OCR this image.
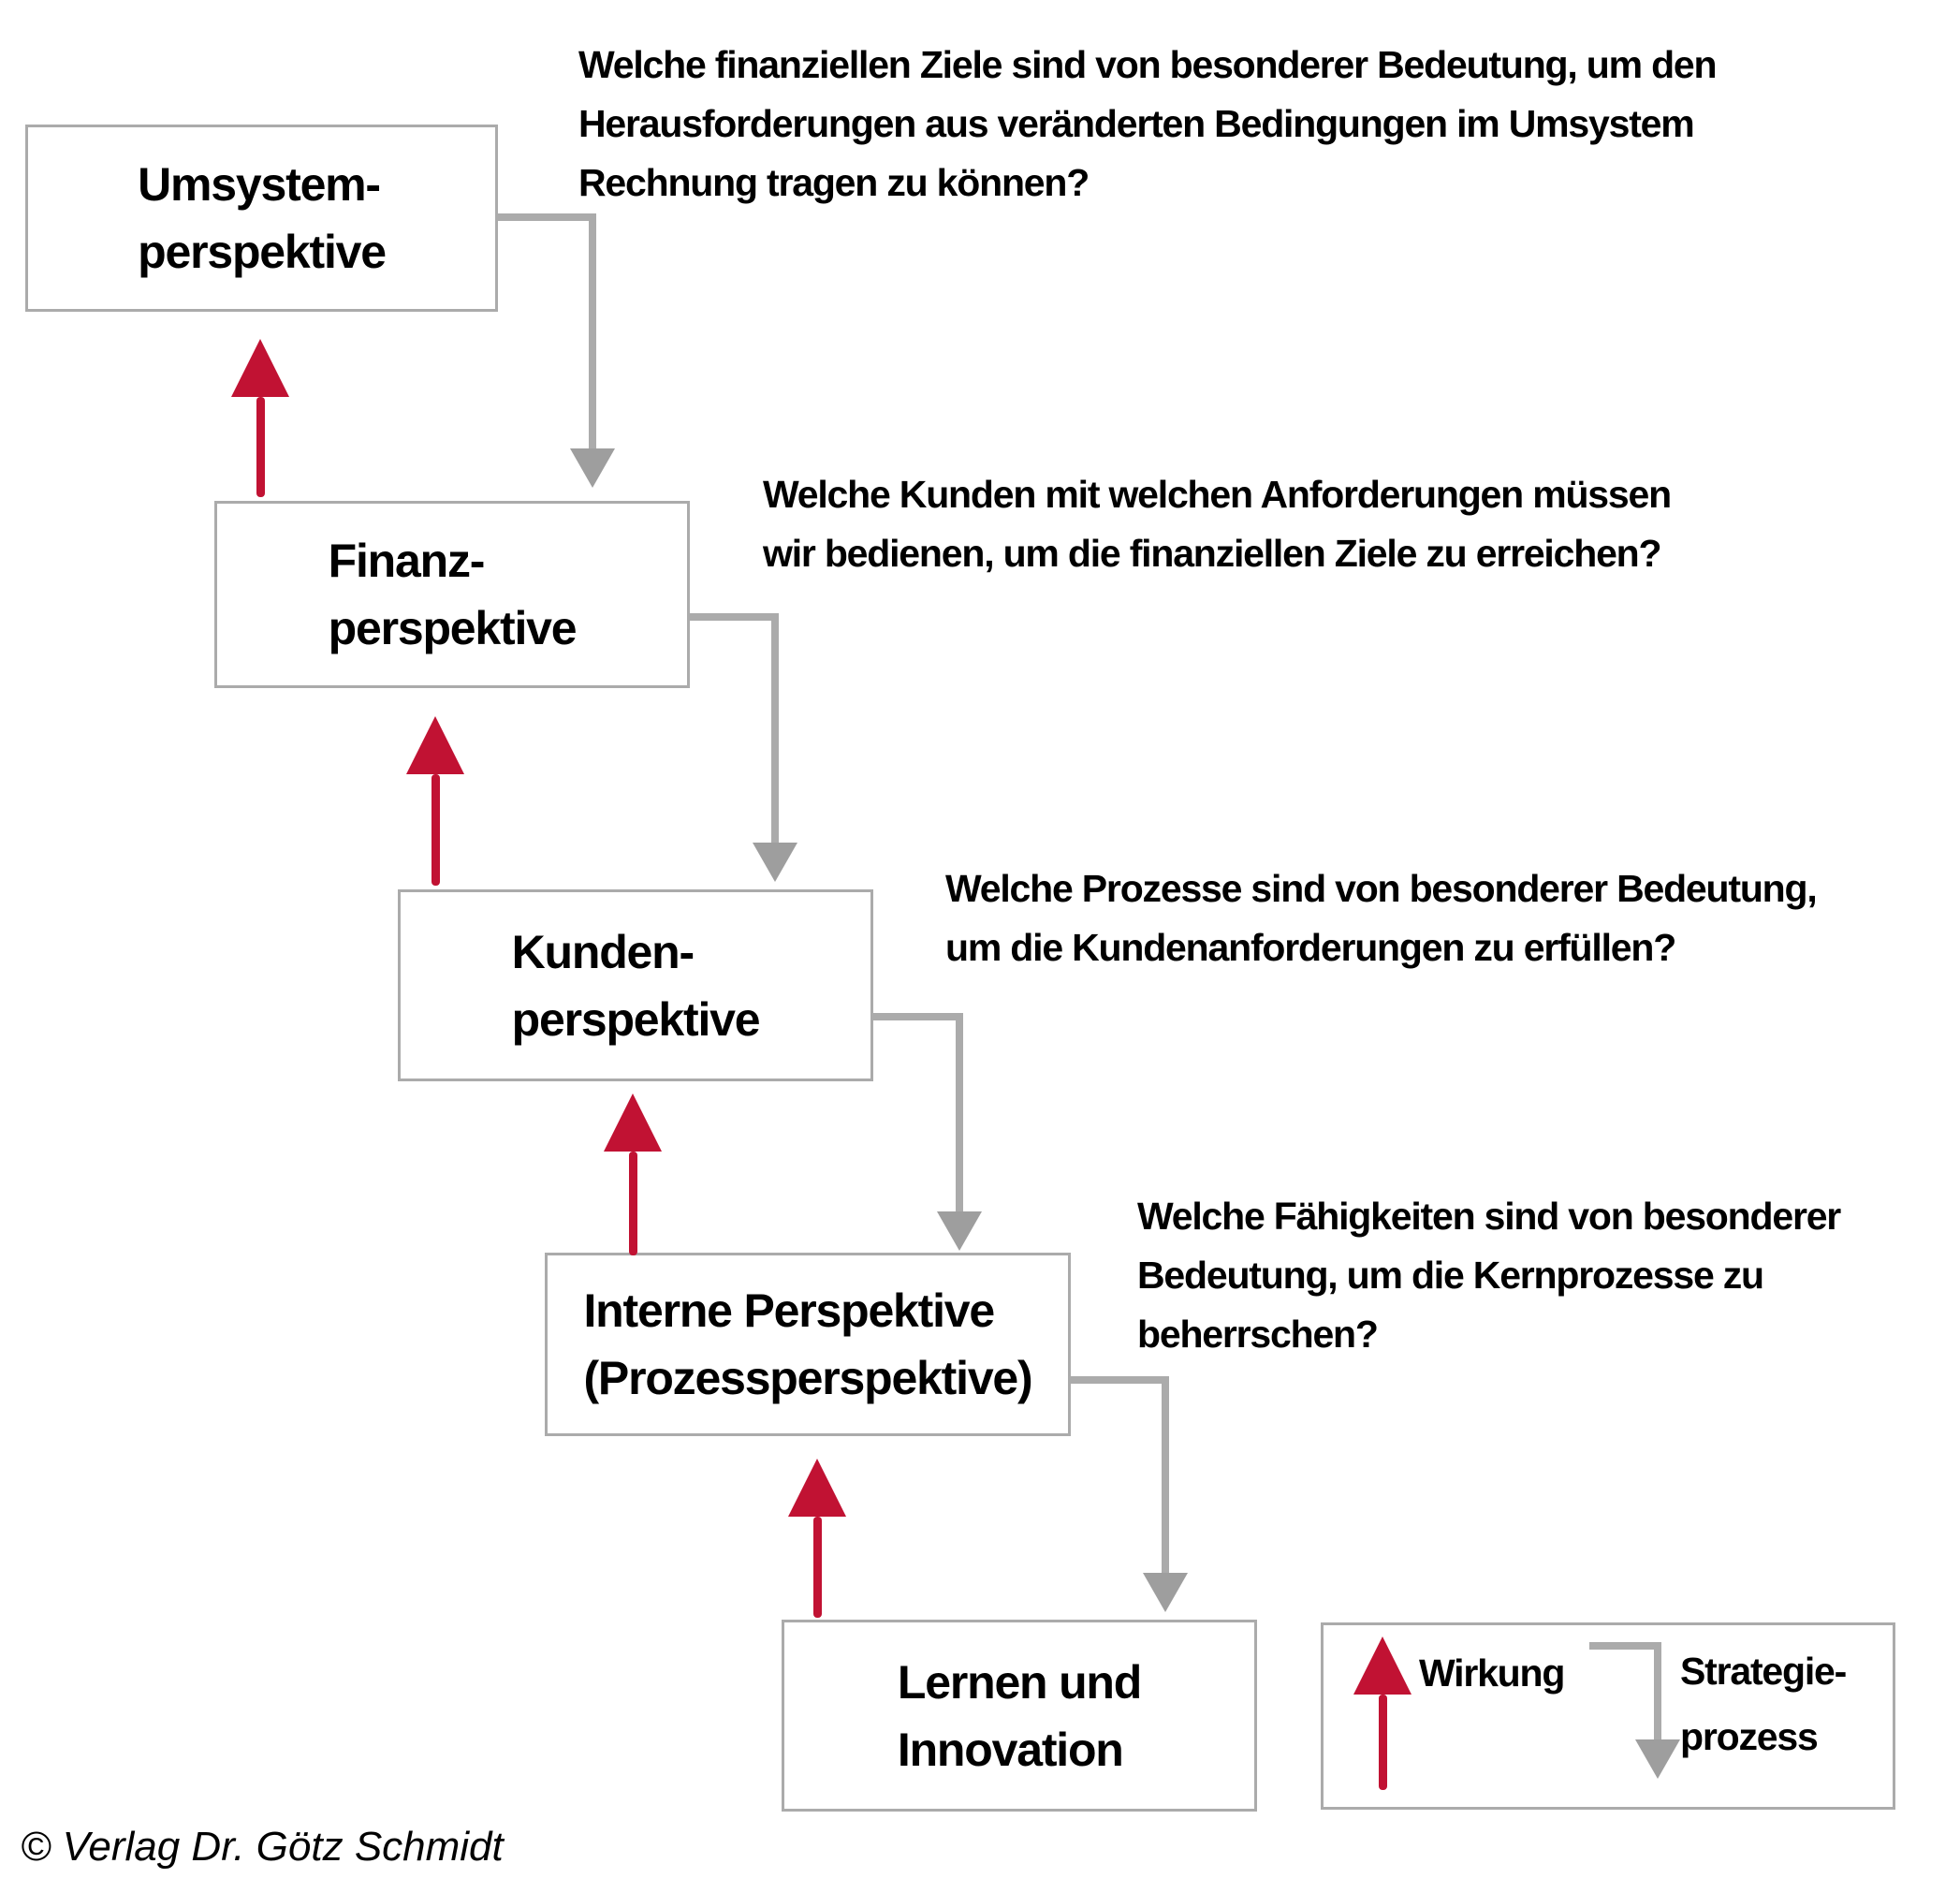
Umsystem-
perspektive
Finanz-
perspektive
Kunden-
perspektive
Interne Perspektive
(Prozessperspektive)
Lernen und
Innovation
Welche finanziellen Ziele sind von besonderer Bedeutung, um den
Herausforderungen aus veränderten Bedingungen im Umsystem
Rechnung tragen zu können?
Welche Kunden mit welchen Anforderungen müssen
wir bedienen, um die finanziellen Ziele zu erreichen?
Welche Prozesse sind von besonderer Bedeutung,
um die Kundenanforderungen zu erfüllen?
Welche Fähigkeiten sind von besonderer
Bedeutung, um die Kernprozesse zu
beherrschen?
Wirkung	Strategie-
prozess
© Verlag Dr. Götz Schmidt
